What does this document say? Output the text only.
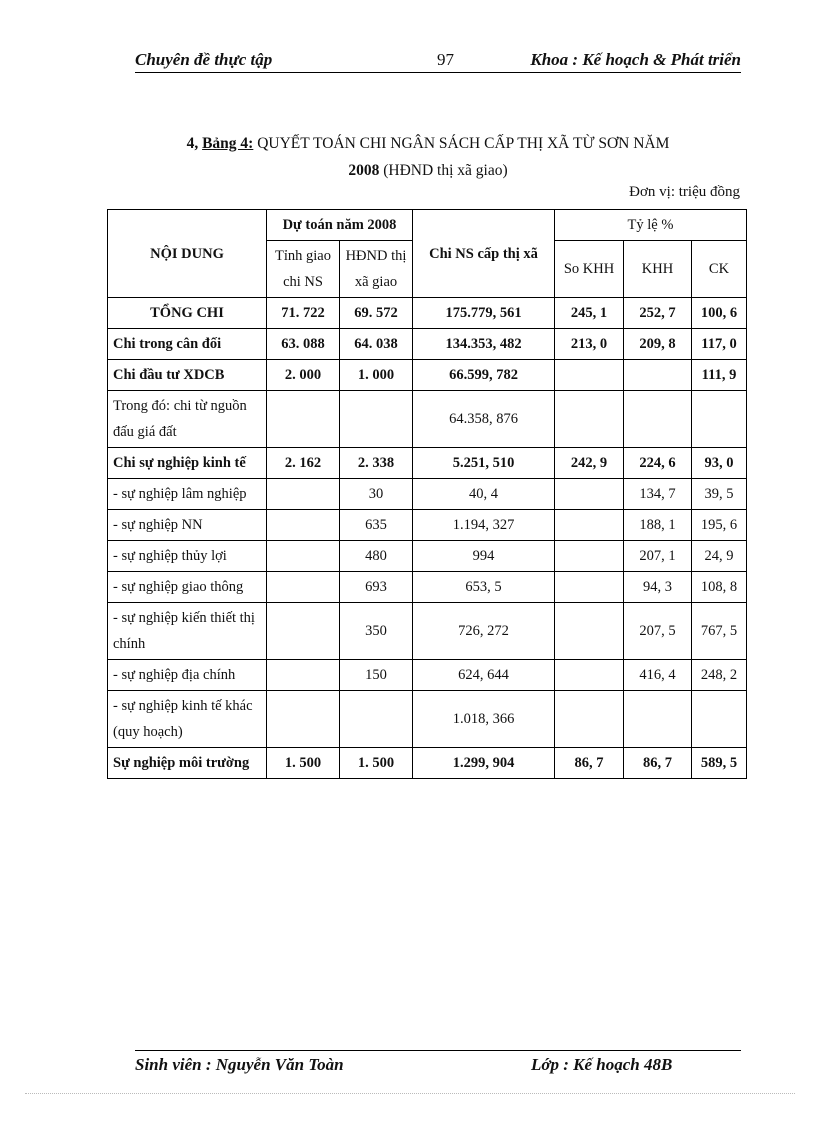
Chuyên đề thực tập	97	Khoa : Kế hoạch & Phát triển
4, Bảng 4: QUYẾT TOÁN CHI NGÂN SÁCH CẤP THỊ XÃ TỪ SƠN NĂM
2008 (HĐND thị xã giao)
Đơn vị: triệu đồng
NỘI DUNG	Dự toán năm 2008		Chi NS cấp thị xã	Tỷ lệ %		
	Tỉnh giao chi NS	HĐND thị xã giao		So KHH	KHH	CK
TỔNG CHI	71. 722	69. 572	175.779, 561	245, 1	252, 7	100, 6
Chi trong cân đối	63. 088	64. 038	134.353, 482	213, 0	209, 8	117, 0
Chi đầu tư XDCB	2. 000	1. 000	66.599, 782			111, 9
Trong đó: chi từ nguồn đấu giá đất			64.358, 876			
Chi sự nghiệp kinh tế	2. 162	2. 338	5.251, 510	242, 9	224, 6	93, 0
- sự nghiệp lâm nghiệp		30	40, 4		134, 7	39, 5
- sự nghiệp NN		635	1.194, 327		188, 1	195, 6
- sự nghiệp thủy lợi		480	994		207, 1	24, 9
- sự nghiệp giao thông		693	653, 5		94, 3	108, 8
- sự nghiệp kiến thiết thị chính		350	726, 272		207, 5	767, 5
- sự nghiệp địa chính		150	624, 644		416, 4	248, 2
- sự nghiệp kinh tế khác (quy hoạch)			1.018, 366			
Sự nghiệp môi trường	1. 500	1. 500	1.299, 904	86, 7	86, 7	589, 5
Sinh viên : Nguyễn Văn Toàn	Lớp : Kế hoạch 48B
